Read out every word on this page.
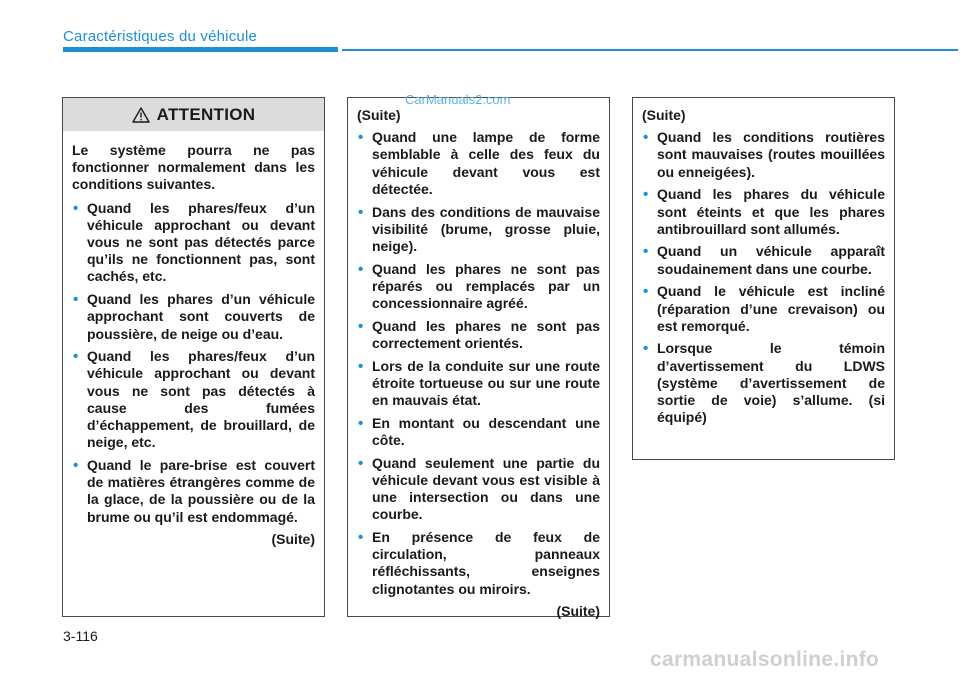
Caractéristiques du véhicule
ATTENTION

Le système pourra ne pas fonctionner normalement dans les conditions suivantes.

• Quand les phares/feux d’un véhicule approchant ou devant vous ne sont pas détectés parce qu’ils ne fonctionnent pas, sont cachés, etc.
• Quand les phares d’un véhicule approchant sont couverts de poussière, de neige ou d’eau.
• Quand les phares/feux d’un véhicule approchant ou devant vous ne sont pas détectés à cause des fumées d’échappement, de brouillard, de neige, etc.
• Quand le pare-brise est couvert de matières étrangères comme de la glace, de la poussière ou de la brume ou qu’il est endommagé.

(Suite)

(Suite)

• Quand une lampe de forme semblable à celle des feux du véhicule devant vous est détectée.
• Dans des conditions de mauvaise visibilité (brume, grosse pluie, neige).
• Quand les phares ne sont pas réparés ou remplacés par un concessionnaire agréé.
• Quand les phares ne sont pas correctement orientés.
• Lors de la conduite sur une route étroite tortueuse ou sur une route en mauvais état.
• En montant ou descendant une côte.
• Quand seulement une partie du véhicule devant vous est visible à une intersection ou dans une courbe.
• En présence de feux de circulation, panneaux réfléchissants, enseignes clignotantes ou miroirs.

(Suite)

(Suite)

• Quand les conditions routières sont mauvaises (routes mouillées ou enneigées).
• Quand les phares du véhicule sont éteints et que les phares antibrouillard sont allumés.
• Quand un véhicule apparaît soudainement dans une courbe.
• Quand le véhicule est incliné (réparation d’une crevaison) ou est remorqué.
• Lorsque le témoin d’avertissement du LDWS (système d’avertissement de sortie de voie) s’allume. (si équipé)
CarManuals2.com
3-116
carmanualsonline.info
